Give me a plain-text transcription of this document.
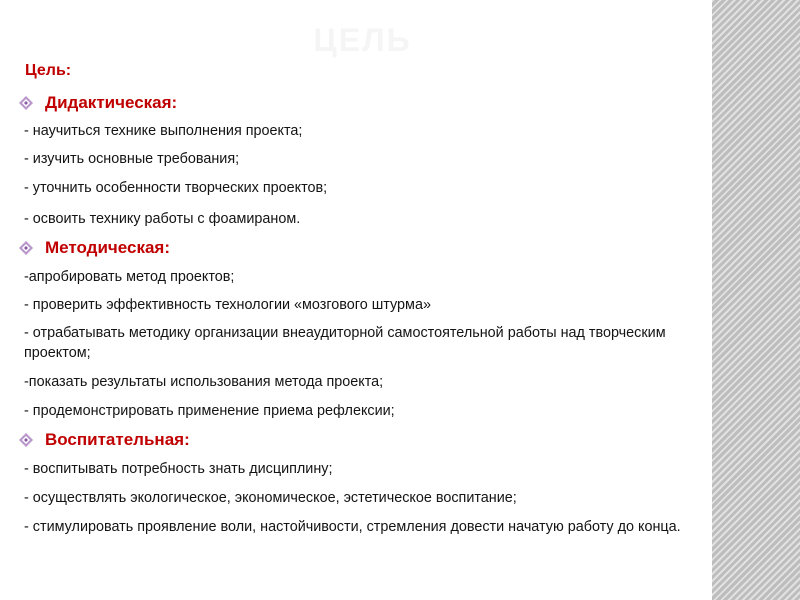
ЦЕЛЬ
Цель:
Дидактическая:
- научиться технике выполнения проекта;
- изучить основные требования;
- уточнить особенности творческих проектов;
- освоить технику работы с фоамираном.
Методическая:
-апробировать метод проектов;
- проверить эффективность технологии «мозгового штурма»
- отрабатывать методику организации внеаудиторной самостоятельной работы над творческим проектом;
-показать результаты использования метода проекта;
- продемонстрировать применение приема рефлексии;
Воспитательная:
- воспитывать потребность знать дисциплину;
- осуществлять экологическое, экономическое, эстетическое воспитание;
- стимулировать проявление воли, настойчивости, стремления довести начатую работу до конца.
